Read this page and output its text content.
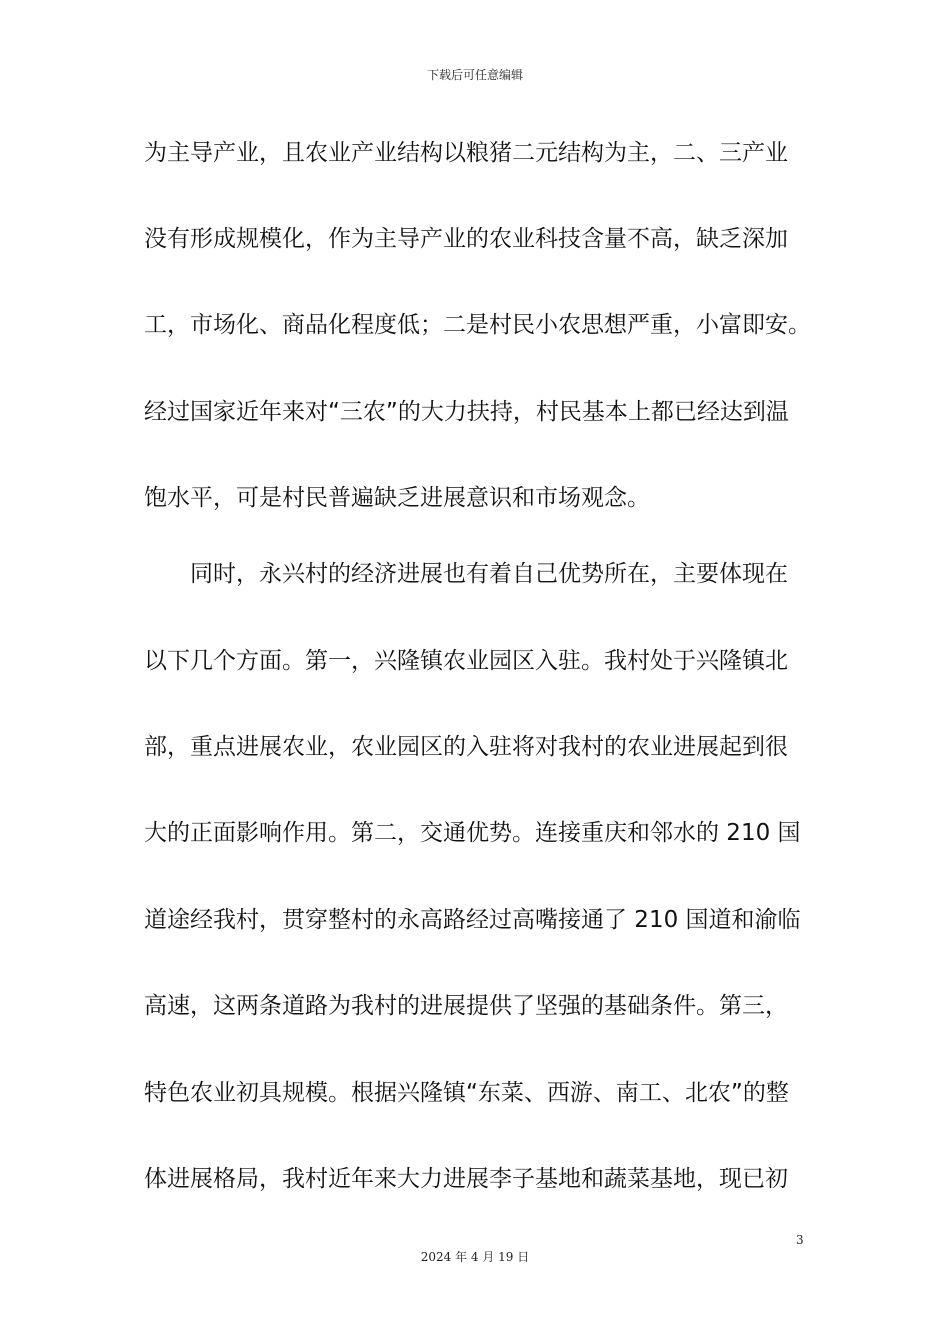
下载后可任意编辑
为主导产业，且农业产业结构以粮猪二元结构为主，二、三产业
没有形成规模化，作为主导产业的农业科技含量不高，缺乏深加
工，市场化、商品化程度低；二是村民小农思想严重，小富即安。
经过国家近年来对“三农”的大力扶持，村民基本上都已经达到温
饱水平，可是村民普遍缺乏进展意识和市场观念。
同时，永兴村的经济进展也有着自己优势所在，主要体现在
以下几个方面。第一，兴隆镇农业园区入驻。我村处于兴隆镇北
部，重点进展农业，农业园区的入驻将对我村的农业进展起到很
大的正面影响作用。第二，交通优势。连接重庆和邻水的 210 国
道途经我村，贯穿整村的永高路经过高嘴接通了 210 国道和渝临
高速，这两条道路为我村的进展提供了坚强的基础条件。第三，
特色农业初具规模。根据兴隆镇“东菜、西游、南工、北农”的整
体进展格局，我村近年来大力进展李子基地和蔬菜基地，现已初
3
2024 年 4 月 19 日
